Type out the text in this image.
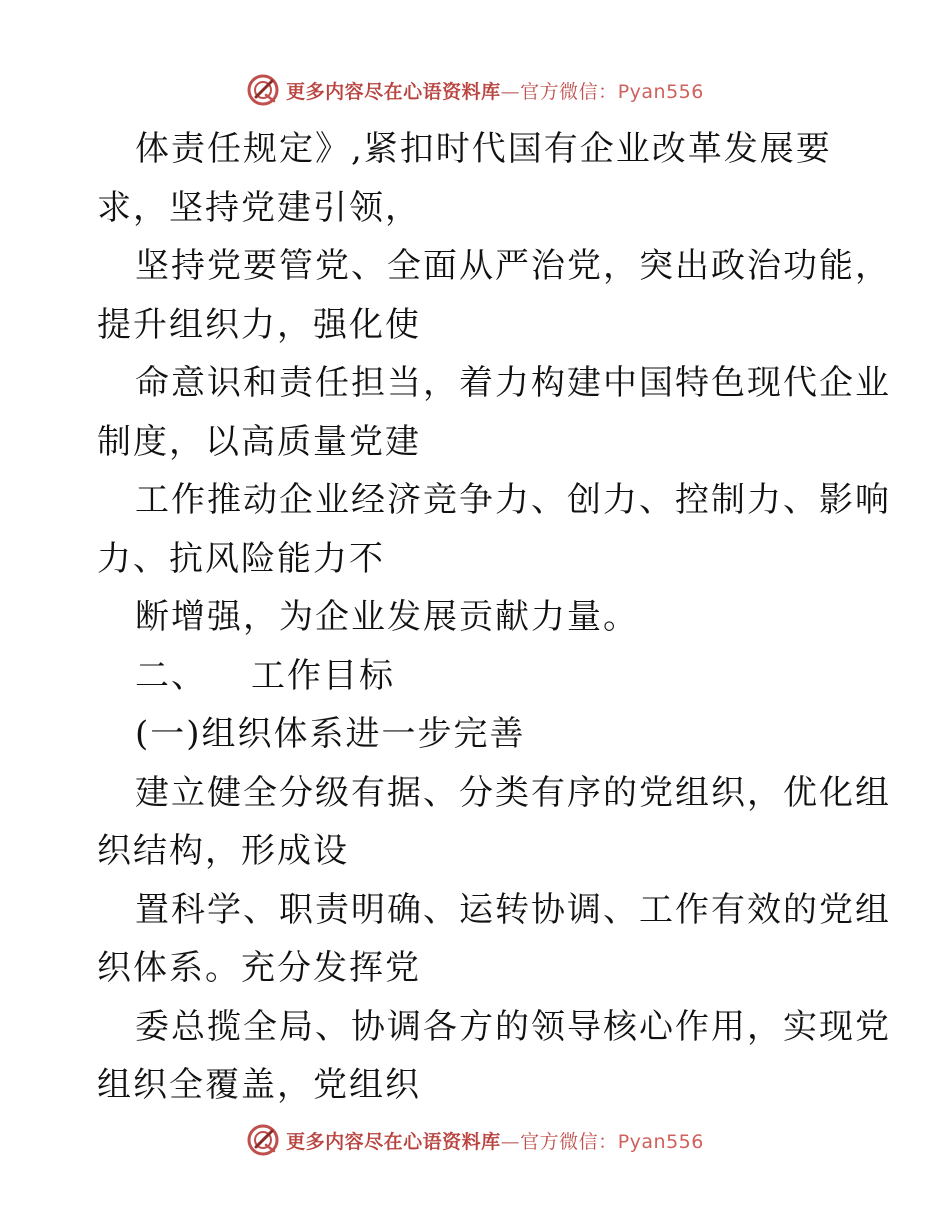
更多内容尽在心语资料库—官方微信：Pyan556
体责任规定》,紧扣时代国有企业改革发展要
求，坚持党建引领，
坚持党要管党、全面从严治党，突出政治功能，
提升组织力，强化使
命意识和责任担当，着力构建中国特色现代企业
制度，以高质量党建
工作推动企业经济竞争力、创力、控制力、影响
力、抗风险能力不
断增强，为企业发展贡献力量。
二、 工作目标
(一)组织体系进一步完善
建立健全分级有据、分类有序的党组织，优化组
织结构，形成设
置科学、职责明确、运转协调、工作有效的党组
织体系。充分发挥党
委总揽全局、协调各方的领导核心作用，实现党
组织全覆盖，党组织
更多内容尽在心语资料库—官方微信：Pyan556
